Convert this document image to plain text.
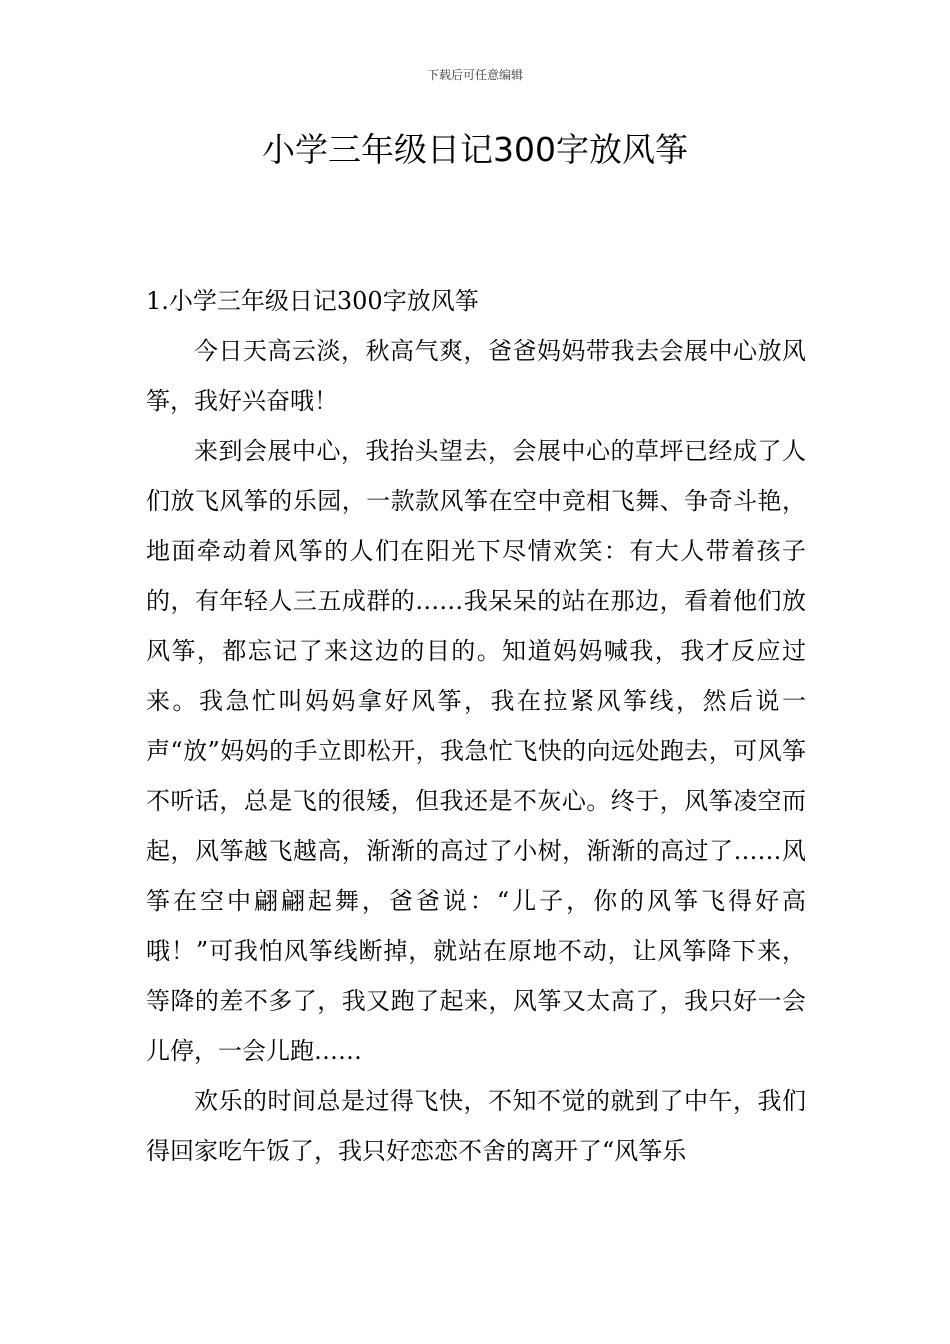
下载后可任意编辑
小学三年级日记300字放风筝
1.小学三年级日记300字放风筝

今日天高云淡，秋高气爽，爸爸妈妈带我去会展中心放风筝，我好兴奋哦！

来到会展中心，我抬头望去，会展中心的草坪已经成了人们放飞风筝的乐园，一款款风筝在空中竞相飞舞、争奇斗艳，地面牵动着风筝的人们在阳光下尽情欢笑：有大人带着孩子的，有年轻人三五成群的……我呆呆的站在那边，看着他们放风筝，都忘记了来这边的目的。知道妈妈喊我，我才反应过来。我急忙叫妈妈拿好风筝，我在拉紧风筝线，然后说一声“放”妈妈的手立即松开，我急忙飞快的向远处跑去，可风筝不听话，总是飞的很矮，但我还是不灰心。终于，风筝凌空而起，风筝越飞越高，渐渐的高过了小树，渐渐的高过了……风筝在空中翩翩起舞，爸爸说：“儿子，你的风筝飞得好高哦！”可我怕风筝线断掉，就站在原地不动，让风筝降下来，等降的差不多了，我又跑了起来，风筝又太高了，我只好一会儿停，一会儿跑……

欢乐的时间总是过得飞快，不知不觉的就到了中午，我们得回家吃午饭了，我只好恋恋不舍的离开了“风筝乐
